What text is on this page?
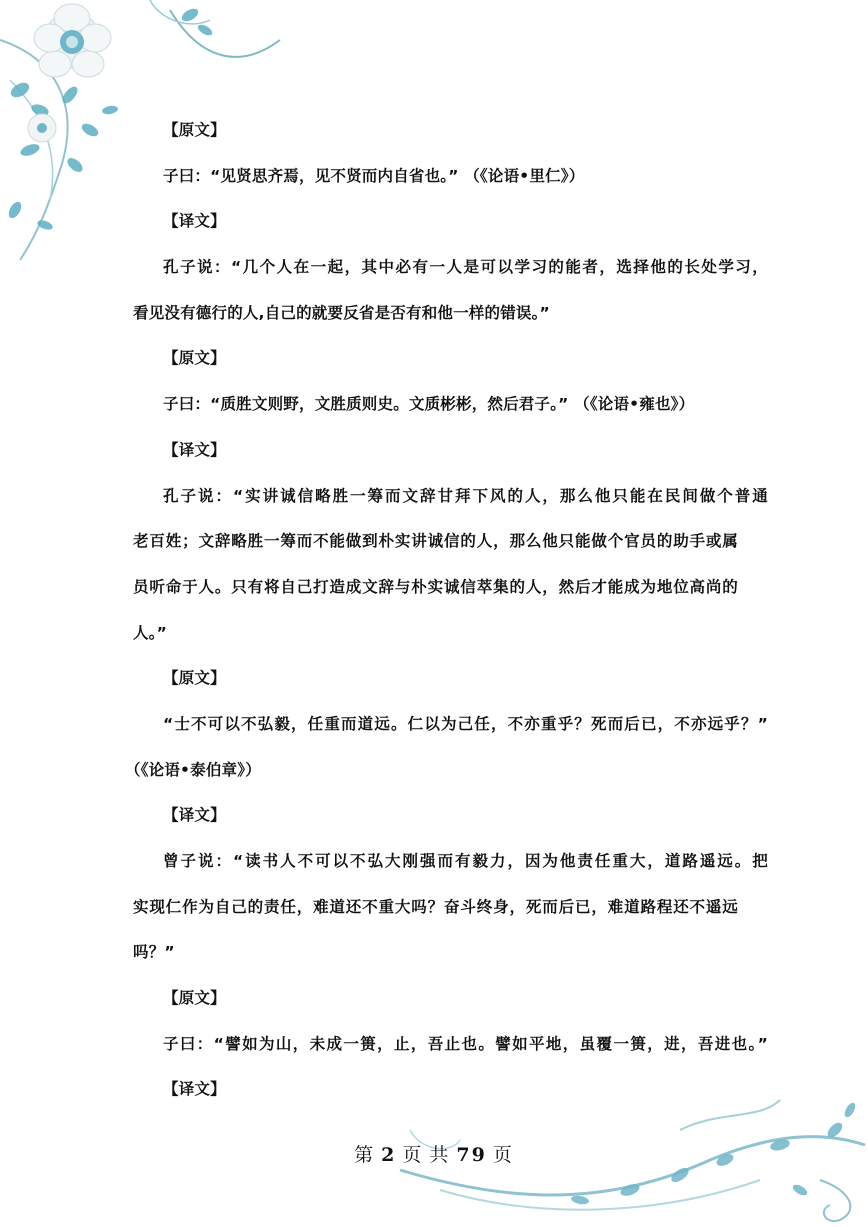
【原文】
子曰：“见贤思齐焉，见不贤而内自省也。” （《论语•里仁》）
【译文】
孔子说：“几个人在一起，其中必有一人是可以学习的能者，选择他的长处学习，
看见没有德行的人,自己的就要反省是否有和他一样的错误。”
【原文】
子曰：“质胜文则野，文胜质则史。文质彬彬，然后君子。” （《论语•雍也》）
【译文】
孔子说：“实讲诚信略胜一筹而文辞甘拜下风的人，那么他只能在民间做个普通
老百姓；文辞略胜一筹而不能做到朴实讲诚信的人，那么他只能做个官员的助手或属
员听命于人。只有将自己打造成文辞与朴实诚信萃集的人，然后才能成为地位高尚的
人。”
【原文】
“士不可以不弘毅，任重而道远。仁以为己任，不亦重乎？死而后已，不亦远乎？”
（《论语•泰伯章》）
【译文】
曾子说：“读书人不可以不弘大刚强而有毅力，因为他责任重大，道路遥远。把
实现仁作为自己的责任，难道还不重大吗？奋斗终身，死而后已，难道路程还不遥远
吗？”
【原文】
子曰：“譬如为山，未成一篑，止，吾止也。譬如平地，虽覆一篑，进，吾进也。”
【译文】
第 2 页 共 79 页
